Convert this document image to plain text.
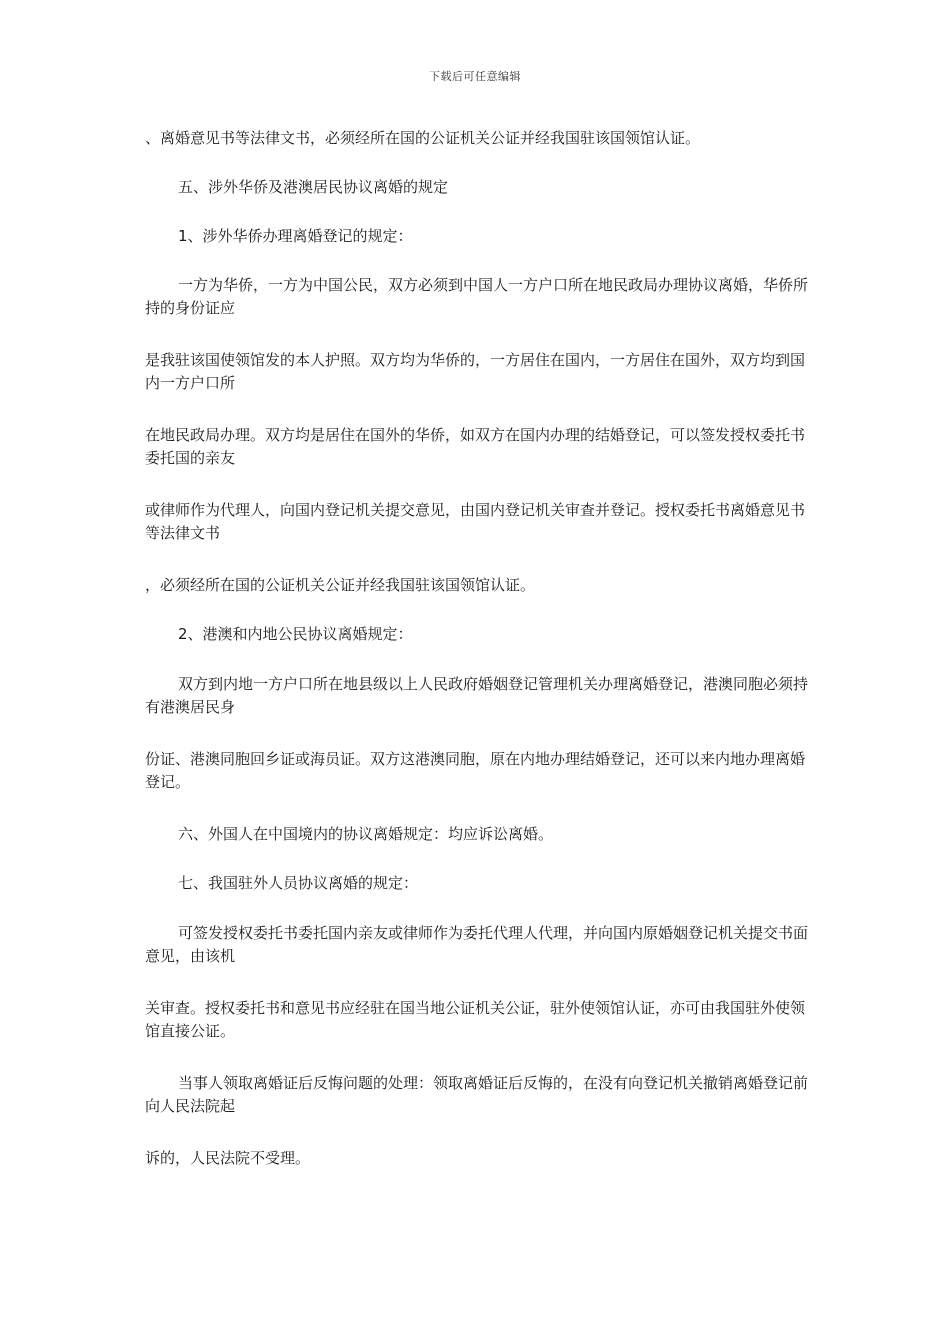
下载后可任意编辑

、离婚意见书等法律文书，必须经所在国的公证机关公证并经我国驻该国领馆认证。

五、涉外华侨及港澳居民协议离婚的规定

1、涉外华侨办理离婚登记的规定：

一方为华侨，一方为中国公民，双方必须到中国人一方户口所在地民政局办理协议离婚，华侨所持的身份证应

是我驻该国使领馆发的本人护照。双方均为华侨的，一方居住在国内，一方居住在国外，双方均到国内一方户口所

在地民政局办理。双方均是居住在国外的华侨，如双方在国内办理的结婚登记，可以签发授权委托书委托国的亲友

或律师作为代理人，向国内登记机关提交意见，由国内登记机关审查并登记。授权委托书离婚意见书等法律文书

，必须经所在国的公证机关公证并经我国驻该国领馆认证。

2、港澳和内地公民协议离婚规定：

双方到内地一方户口所在地县级以上人民政府婚姻登记管理机关办理离婚登记，港澳同胞必须持有港澳居民身

份证、港澳同胞回乡证或海员证。双方这港澳同胞，原在内地办理结婚登记，还可以来内地办理离婚登记。

六、外国人在中国境内的协议离婚规定：均应诉讼离婚。

七、我国驻外人员协议离婚的规定：

可签发授权委托书委托国内亲友或律师作为委托代理人代理，并向国内原婚姻登记机关提交书面意见，由该机

关审查。授权委托书和意见书应经驻在国当地公证机关公证，驻外使领馆认证，亦可由我国驻外使领馆直接公证。

当事人领取离婚证后反悔问题的处理：领取离婚证后反悔的，在没有向登记机关撤销离婚登记前向人民法院起

诉的，人民法院不受理。
